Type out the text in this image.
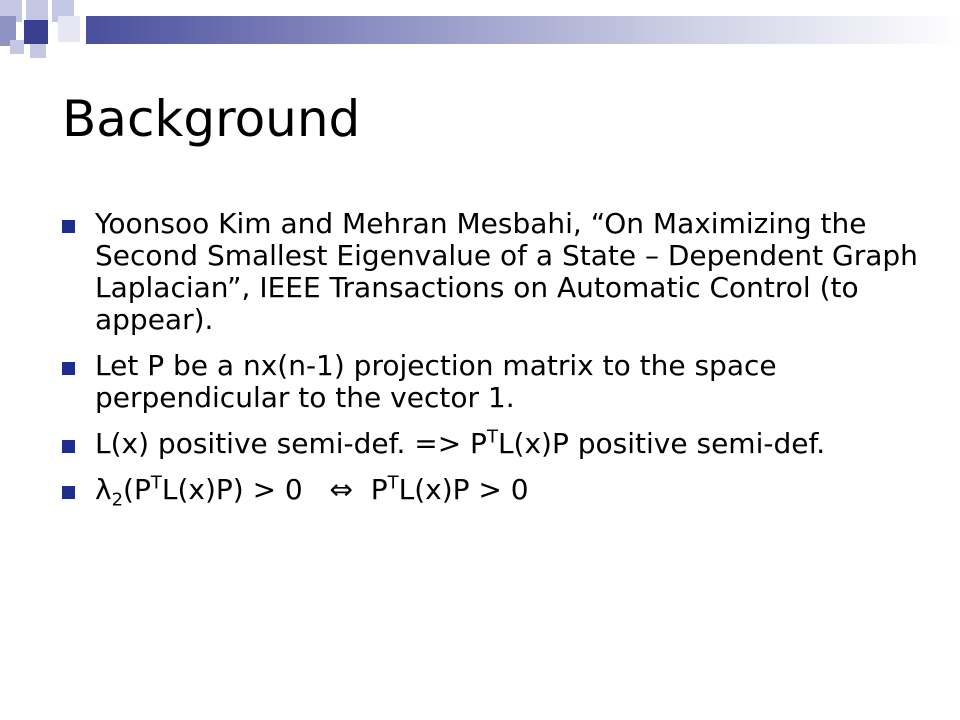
Background
Yoonsoo Kim and Mehran Mesbahi, “On Maximizing the Second Smallest Eigenvalue of a State – Dependent Graph Laplacian”, IEEE Transactions on Automatic Control (to appear).
Let P be a nx(n-1) projection matrix to the space perpendicular to the vector 1.
L(x) positive semi-def. => $P^TL(x)P$ positive semi-def.
$\lambda_2(P^TL(x)P) > 0$   ⇔  $P^TL(x)P > 0$
